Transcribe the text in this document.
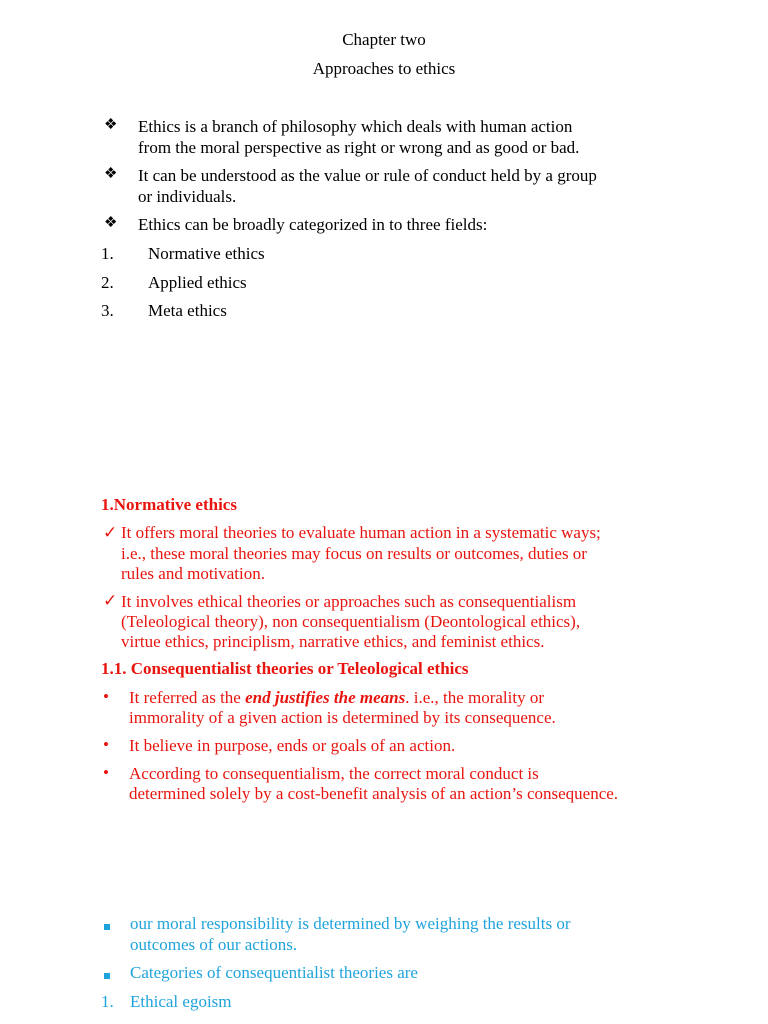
Chapter two
Approaches to ethics
❖ Ethics is a branch of philosophy which deals with human action
from the moral perspective as right or wrong and as good or bad.
❖ It can be understood as the value or rule of conduct held by a group
or individuals.
❖ Ethics can be broadly categorized in to three fields:
1. Normative ethics
2. Applied ethics
3. Meta ethics
1.Normative ethics
✓ It offers moral theories to evaluate human action in a systematic ways;
i.e., these moral theories may focus on results or outcomes, duties or
rules and motivation.
✓ It involves ethical theories or approaches such as consequentialism
(Teleological theory), non consequentialism (Deontological ethics),
virtue ethics, principlism, narrative ethics, and feminist ethics.
1.1. Consequentialist theories or Teleological ethics
• It referred as the end justifies the means. i.e., the morality or
immorality of a given action is determined by its consequence.
• It believe in purpose, ends or goals of an action.
• According to consequentialism, the correct moral conduct is
determined solely by a cost-benefit analysis of an action’s consequence.
our moral responsibility is determined by weighing the results or
outcomes of our actions.
Categories of consequentialist theories are
1. Ethical egoism
